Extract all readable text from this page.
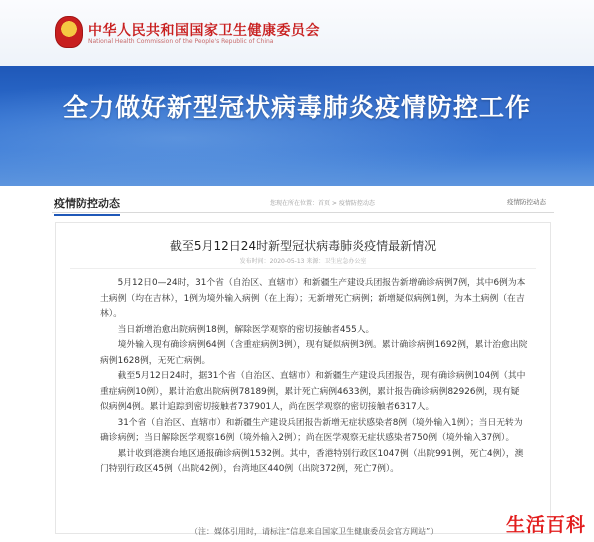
中华人民共和国国家卫生健康委员会
National Health Commission of the People's Republic of China
全力做好新型冠状病毒肺炎疫情防控工作
疫情防控动态	您现在所在位置：首页 > 疫情防控动态	疫情防控动态
截至5月12日24时新型冠状病毒肺炎疫情最新情况
发布时间：2020-05-13 来源：卫生应急办公室

5月12日0—24时，31个省（自治区、直辖市）和新疆生产建设兵团报告新增确诊病例7例，其中6例为本土病例（均在吉林），1例为境外输入病例（在上海）；无新增死亡病例；新增疑似病例1例，为本土病例（在吉林）。

当日新增治愈出院病例18例，解除医学观察的密切接触者455人。

境外输入现有确诊病例64例（含重症病例3例），现有疑似病例3例。累计确诊病例1692例，累计治愈出院病例1628例，无死亡病例。

截至5月12日24时，据31个省（自治区、直辖市）和新疆生产建设兵团报告，现有确诊病例104例（其中重症病例10例），累计治愈出院病例78189例，累计死亡病例4633例，累计报告确诊病例82926例，现有疑似病例4例。累计追踪到密切接触者737901人，尚在医学观察的密切接触者6317人。

31个省（自治区、直辖市）和新疆生产建设兵团报告新增无症状感染者8例（境外输入1例）；当日无转为确诊病例；当日解除医学观察16例（境外输入2例）；尚在医学观察无症状感染者750例（境外输入37例）。

累计收到港澳台地区通报确诊病例1532例。其中，香港特别行政区1047例（出院991例，死亡4例），澳门特别行政区45例（出院42例），台湾地区440例（出院372例，死亡7例）。

（注：媒体引用时，请标注“信息来自国家卫生健康委员会官方网站”）	生活百科
